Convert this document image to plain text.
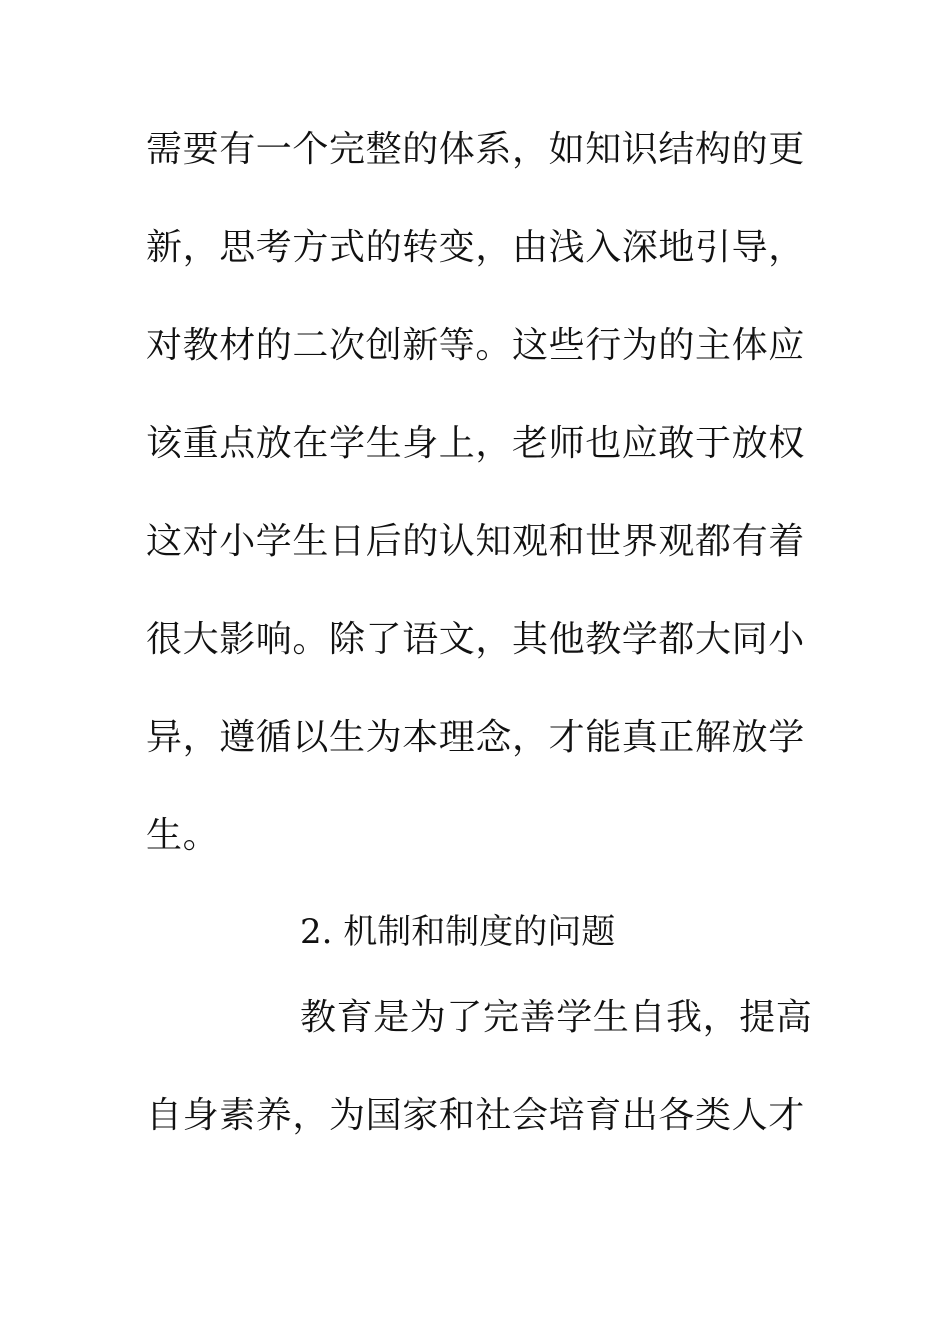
需要有一个完整的体系，如知识结构的更
新，思考方式的转变，由浅入深地引导，
对教材的二次创新等。这些行为的主体应
该重点放在学生身上，老师也应敢于放权
这对小学生日后的认知观和世界观都有着
很大影响。除了语文，其他教学都大同小
异，遵循以生为本理念，才能真正解放学
生。
2. 机制和制度的问题
教育是为了完善学生自我，提高
自身素养，为国家和社会培育出各类人才
